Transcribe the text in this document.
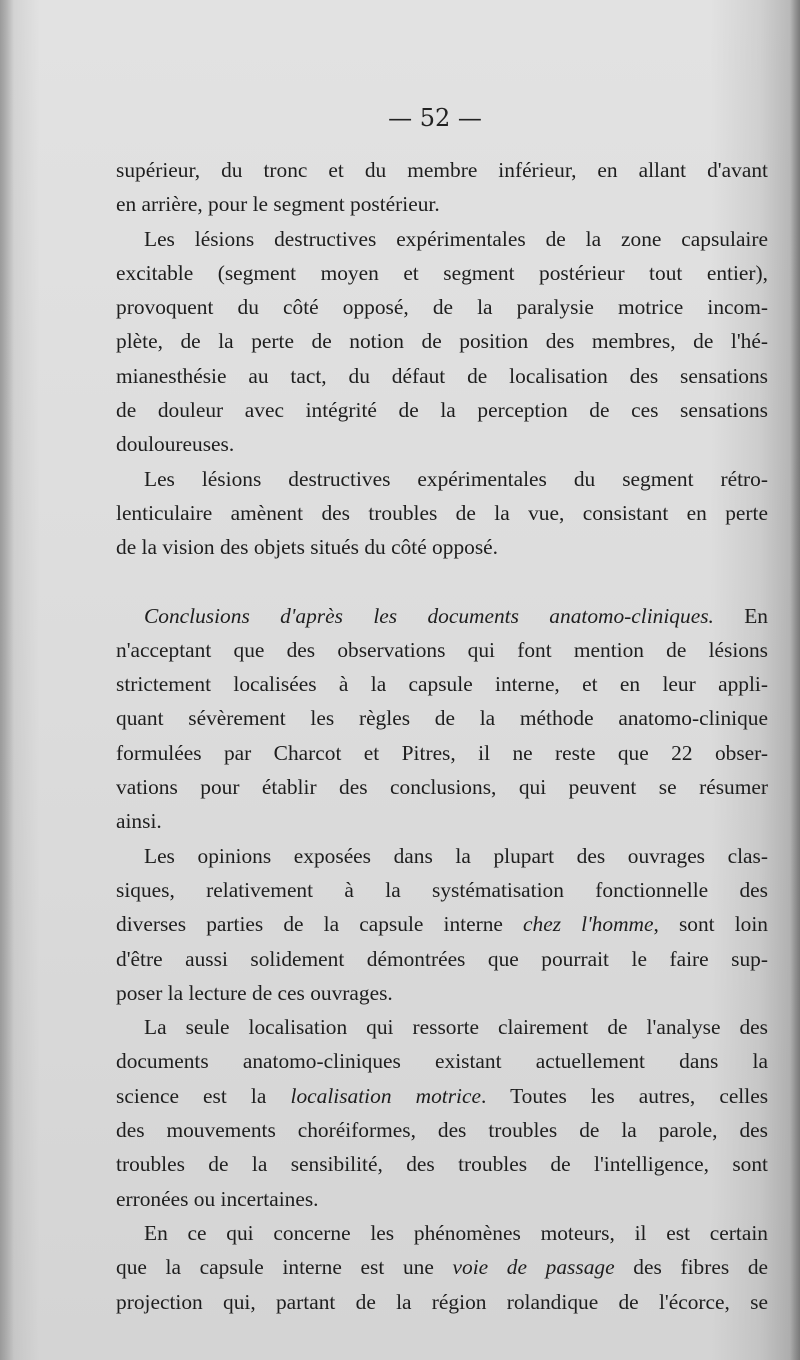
— 52 —
supérieur, du tronc et du membre inférieur, en allant d'avant
en arrière, pour le segment postérieur.
Les lésions destructives expérimentales de la zone capsulaire
excitable (segment moyen et segment postérieur tout entier),
provoquent du côté opposé, de la paralysie motrice incom-
plète, de la perte de notion de position des membres, de l'hé-
mianesthésie au tact, du défaut de localisation des sensations
de douleur avec intégrité de la perception de ces sensations
douloureuses.
Les lésions destructives expérimentales du segment rétro-
lenticulaire amènent des troubles de la vue, consistant en perte
de la vision des objets situés du côté opposé.
Conclusions d'après les documents anatomo-cliniques. En
n'acceptant que des observations qui font mention de lésions
strictement localisées à la capsule interne, et en leur appli-
quant sévèrement les règles de la méthode anatomo-clinique
formulées par Charcot et Pitres, il ne reste que 22 obser-
vations pour établir des conclusions, qui peuvent se résumer
ainsi.
Les opinions exposées dans la plupart des ouvrages clas-
siques, relativement à la systématisation fonctionnelle des
diverses parties de la capsule interne chez l'homme, sont loin
d'être aussi solidement démontrées que pourrait le faire sup-
poser la lecture de ces ouvrages.
La seule localisation qui ressorte clairement de l'analyse des
documents anatomo-cliniques existant actuellement dans la
science est la localisation motrice. Toutes les autres, celles
des mouvements choréiformes, des troubles de la parole, des
troubles de la sensibilité, des troubles de l'intelligence, sont
erronées ou incertaines.
En ce qui concerne les phénomènes moteurs, il est certain
que la capsule interne est une voie de passage des fibres de
projection qui, partant de la région rolandique de l'écorce, se
